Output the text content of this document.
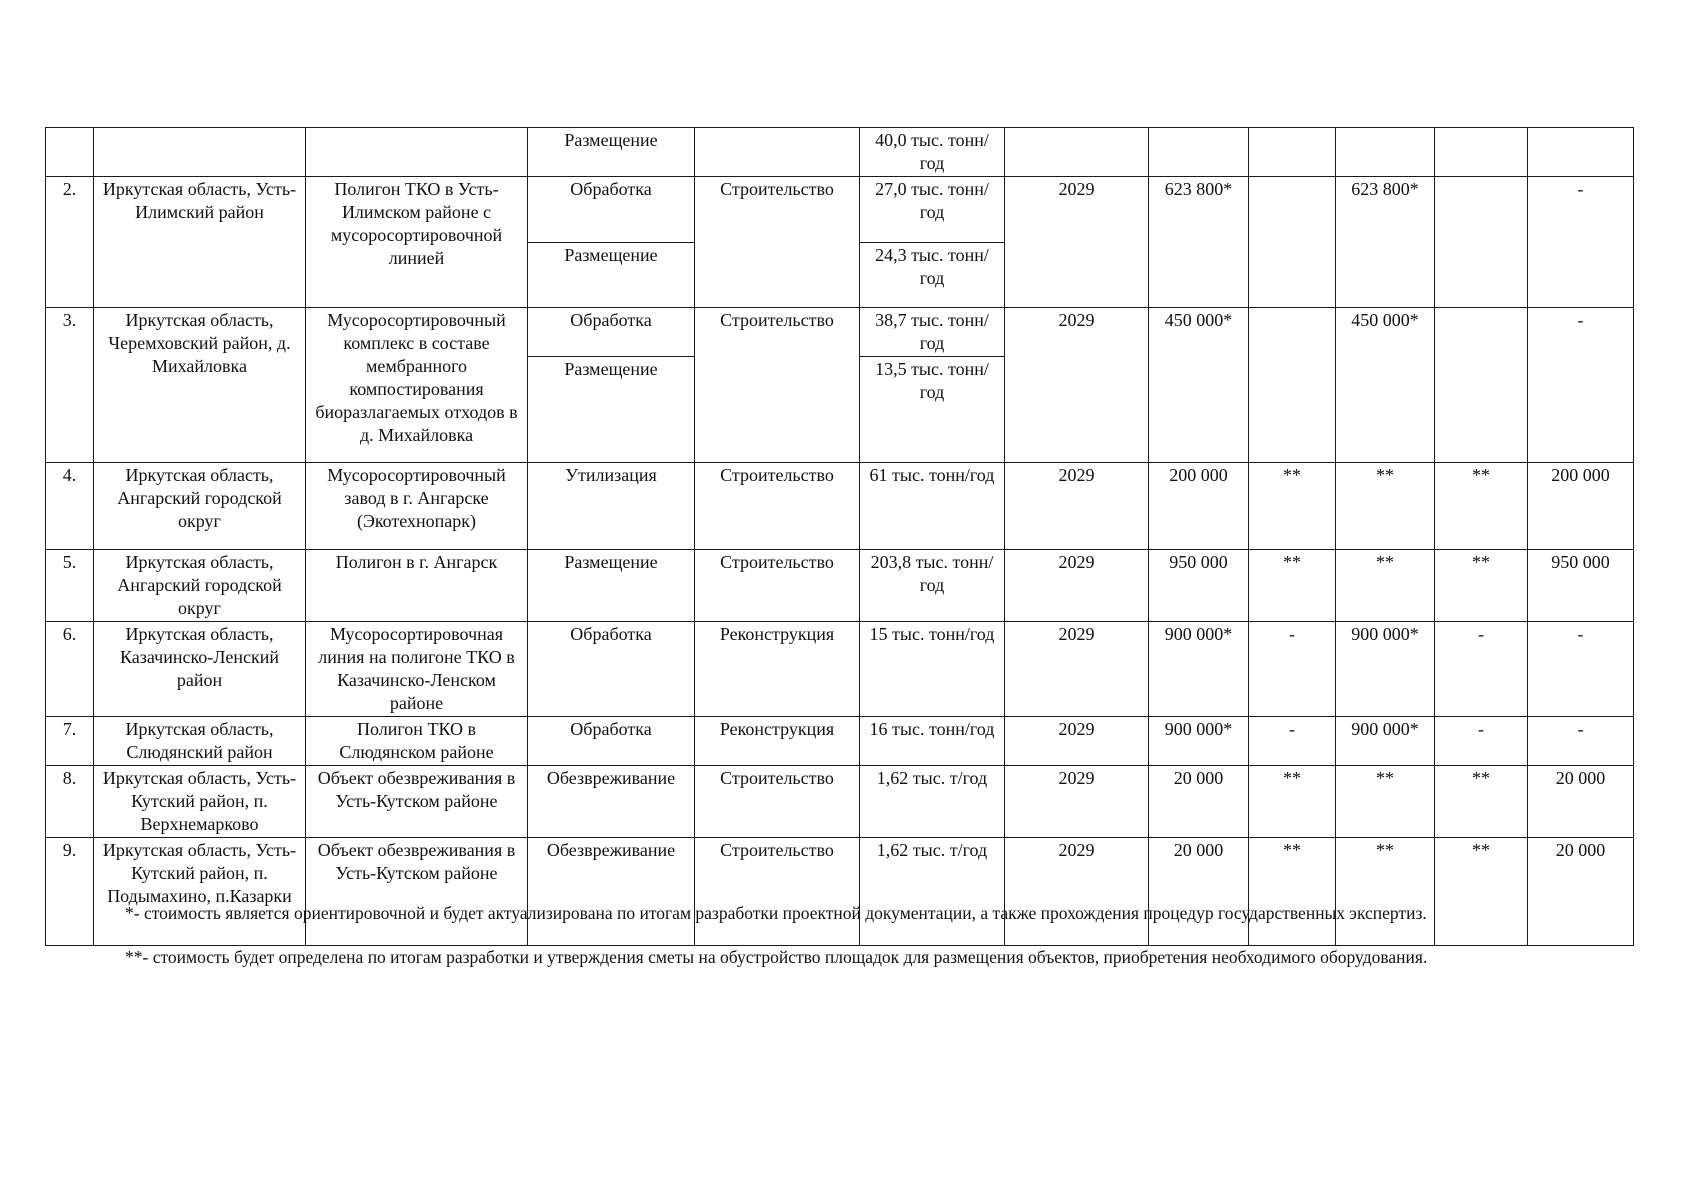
			Размещение		40,0 тыс. тонн/год						
2.	Иркутская область, Усть-Илимский район	Полигон ТКО в Усть-Илимском районе с мусоросортировочной линией	Обработка	Строительство	27,0 тыс. тонн/год	2029	623 800*		623 800*		-
			Размещение		24,3 тыс. тонн/год						
3.	Иркутская область, Черемховский район, д. Михайловка	Мусоросортировочный комплекс в составе мембранного компостирования биоразлагаемых отходов в д. Михайловка	Обработка	Строительство	38,7 тыс. тонн/год	2029	450 000*		450 000*		-
			Размещение		13,5 тыс. тонн/год						
4.	Иркутская область, Ангарский городской округ	Мусоросортировочный завод в г. Ангарске (Экотехнопарк)	Утилизация	Строительство	61 тыс. тонн/год	2029	200 000	**	**	**	200 000
5.	Иркутская область, Ангарский городской округ	Полигон в г. Ангарск	Размещение	Строительство	203,8 тыс. тонн/год	2029	950 000	**	**	**	950 000
6.	Иркутская область, Казачинско-Ленский район	Мусоросортировочная линия на полигоне ТКО в Казачинско-Ленском районе	Обработка	Реконструкция	15 тыс. тонн/год	2029	900 000*	-	900 000*	-	-
7.	Иркутская область, Слюдянский район	Полигон ТКО в Слюдянском районе	Обработка	Реконструкция	16 тыс. тонн/год	2029	900 000*	-	900 000*	-	-
8.	Иркутская область, Усть-Кутский район, п. Верхнемарково	Объект обезвреживания в Усть-Кутском районе	Обезвреживание	Строительство	1,62 тыс. т/год	2029	20 000	**	**	**	20 000
9.	Иркутская область, Усть-Кутский район, п. Подымахино, п.Казарки	Объект обезвреживания в Усть-Кутском районе	Обезвреживание	Строительство	1,62 тыс. т/год	2029	20 000	**	**	**	20 000
*- стоимость является ориентировочной и будет актуализирована по итогам разработки проектной документации, а также прохождения процедур государственных экспертиз.
**- стоимость будет определена по итогам разработки и утверждения сметы на обустройство площадок для размещения объектов, приобретения необходимого оборудования.
